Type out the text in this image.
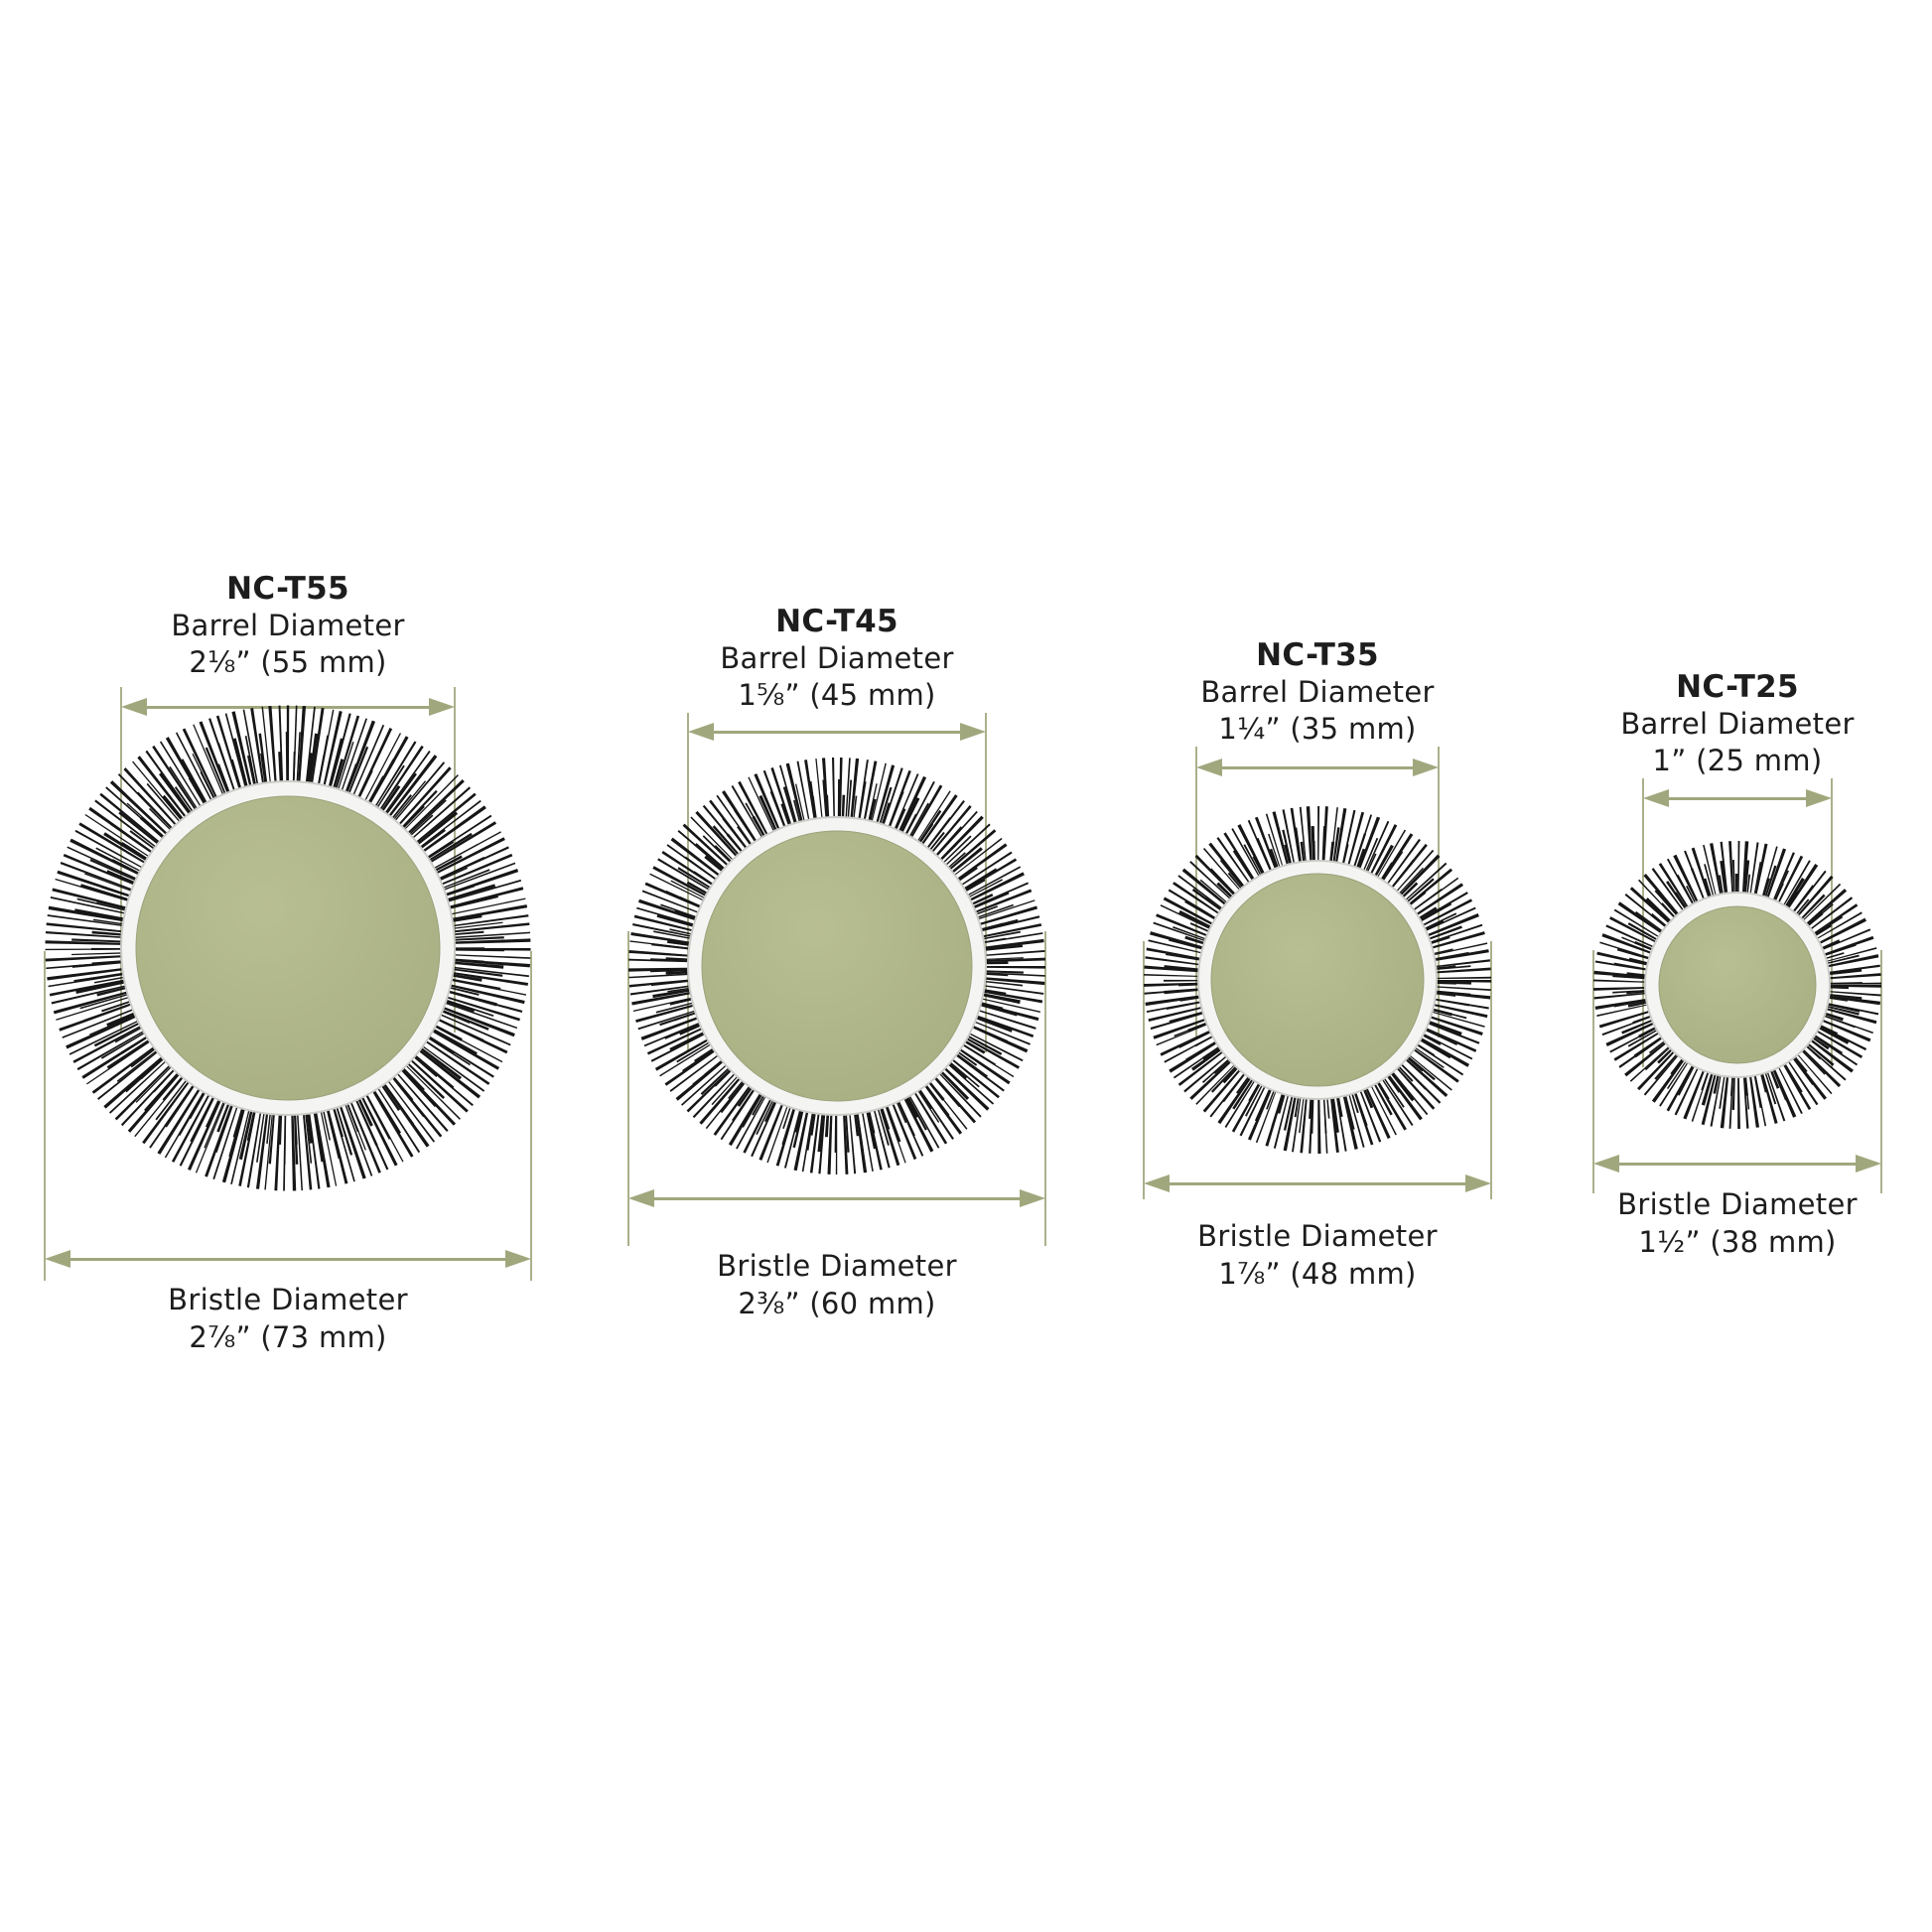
NC-T55
Barrel Diameter
2⅛” (55 mm)
Bristle Diameter
2⅞” (73 mm)
NC-T45
Barrel Diameter
1⅝” (45 mm)
Bristle Diameter
2⅜” (60 mm)
NC-T35
Barrel Diameter
1¼” (35 mm)
Bristle Diameter
1⅞” (48 mm)
NC-T25
Barrel Diameter
1” (25 mm)
Bristle Diameter
1½” (38 mm)
